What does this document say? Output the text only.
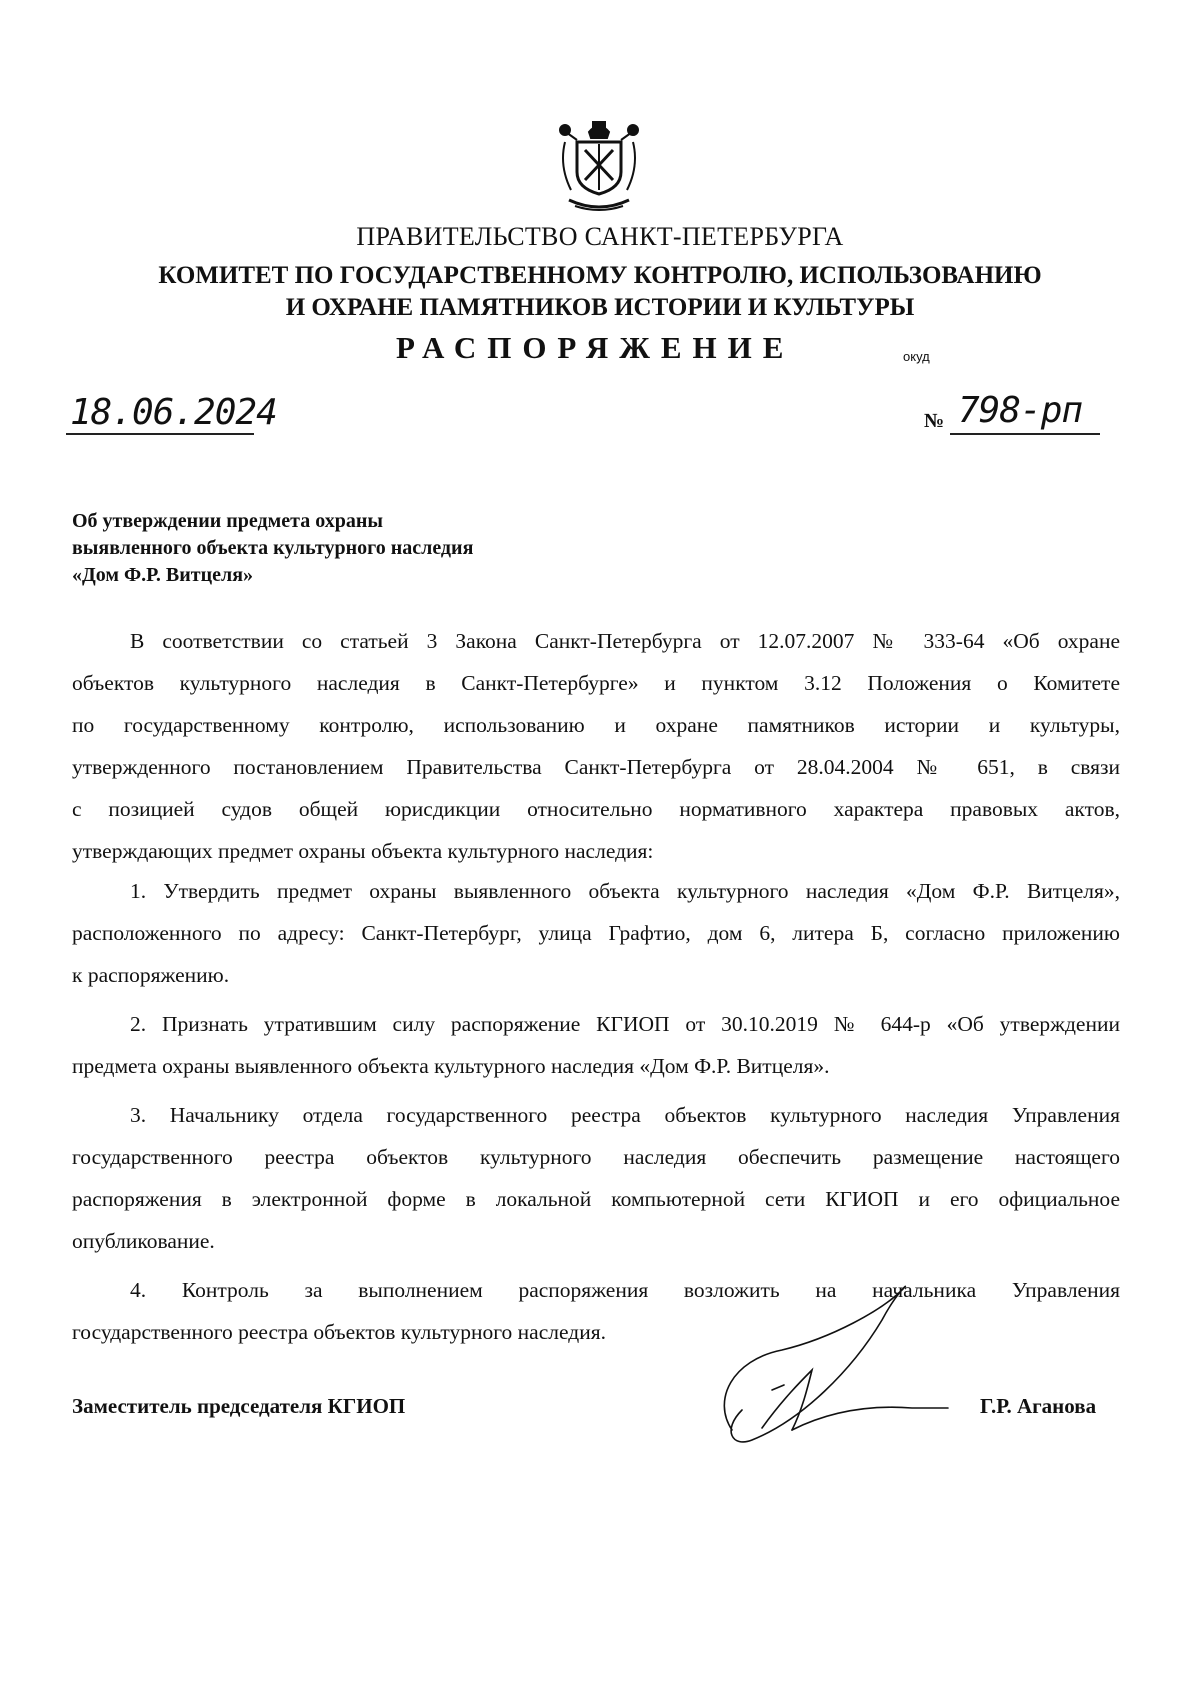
ПРАВИТЕЛЬСТВО САНКТ-ПЕТЕРБУРГА
КОМИТЕТ ПО ГОСУДАРСТВЕННОМУ КОНТРОЛЮ, ИСПОЛЬЗОВАНИЮ
И ОХРАНЕ ПАМЯТНИКОВ ИСТОРИИ И КУЛЬТУРЫ
РАСПОРЯЖЕНИЕ	окуд
18.06.2024	№ 798-рп
Об утверждении предмета охраны
выявленного объекта культурного наследия
«Дом Ф.Р. Витцеля»
В соответствии со статьей 3 Закона Санкт-Петербурга от 12.07.2007 № 333-64 «Об охране
объектов культурного наследия в Санкт-Петербурге» и пунктом 3.12 Положения о Комитете
по государственному контролю, использованию и охране памятников истории и культуры,
утвержденного постановлением Правительства Санкт-Петербурга от 28.04.2004 № 651, в связи
с позицией судов общей юрисдикции относительно нормативного характера правовых актов,
утверждающих предмет охраны объекта культурного наследия:
1. Утвердить предмет охраны выявленного объекта культурного наследия «Дом Ф.Р. Витцеля»,
расположенного по адресу: Санкт-Петербург, улица Графтио, дом 6, литера Б, согласно приложению
к распоряжению.
2. Признать утратившим силу распоряжение КГИОП от 30.10.2019 № 644-р «Об утверждении
предмета охраны выявленного объекта культурного наследия «Дом Ф.Р. Витцеля».
3. Начальнику отдела государственного реестра объектов культурного наследия Управления
государственного реестра объектов культурного наследия обеспечить размещение настоящего
распоряжения в электронной форме в локальной компьютерной сети КГИОП и его официальное
опубликование.
4. Контроль за выполнением распоряжения возложить на начальника Управления
государственного реестра объектов культурного наследия.
Заместитель председателя КГИОП	Г.Р. Аганова
